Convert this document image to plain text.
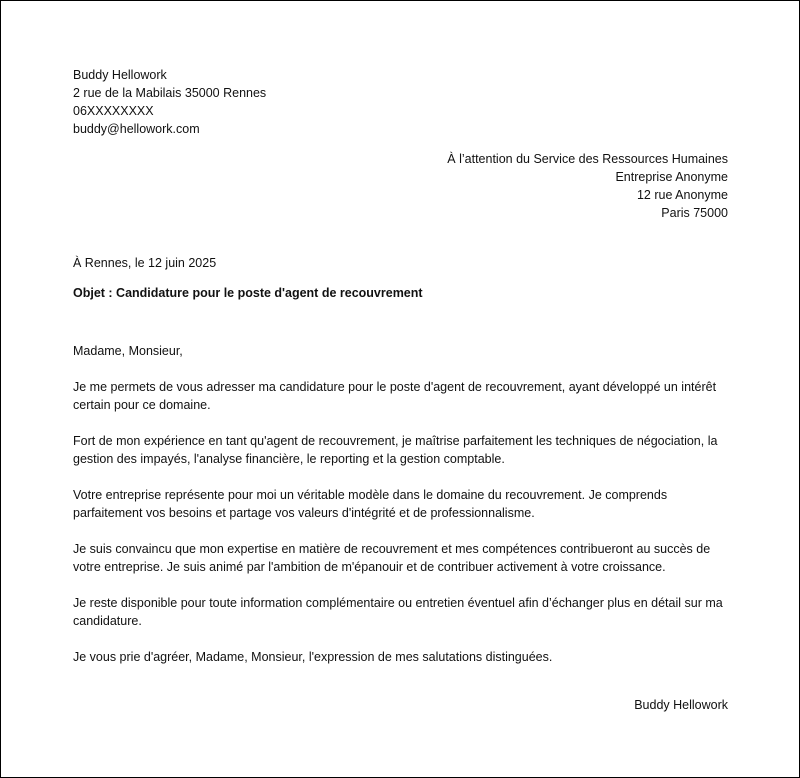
Buddy Hellowork
2 rue de la Mabilais 35000 Rennes
06XXXXXXXX
buddy@hellowork.com
À l’attention du Service des Ressources Humaines
Entreprise Anonyme
12 rue Anonyme
Paris 75000
À Rennes, le 12 juin 2025
Objet : Candidature pour le poste d'agent de recouvrement

Madame, Monsieur,

Je me permets de vous adresser ma candidature pour le poste d'agent de recouvrement, ayant développé un intérêt certain pour ce domaine.

Fort de mon expérience en tant qu'agent de recouvrement, je maîtrise parfaitement les techniques de négociation, la gestion des impayés, l'analyse financière, le reporting et la gestion comptable.

Votre entreprise représente pour moi un véritable modèle dans le domaine du recouvrement. Je comprends parfaitement vos besoins et partage vos valeurs d'intégrité et de professionnalisme.

Je suis convaincu que mon expertise en matière de recouvrement et mes compétences contribueront au succès de votre entreprise. Je suis animé par l'ambition de m'épanouir et de contribuer activement à votre croissance.

Je reste disponible pour toute information complémentaire ou entretien éventuel afin d’échanger plus en détail sur ma candidature.

Je vous prie d'agréer, Madame, Monsieur, l'expression de mes salutations distinguées.

Buddy Hellowork
